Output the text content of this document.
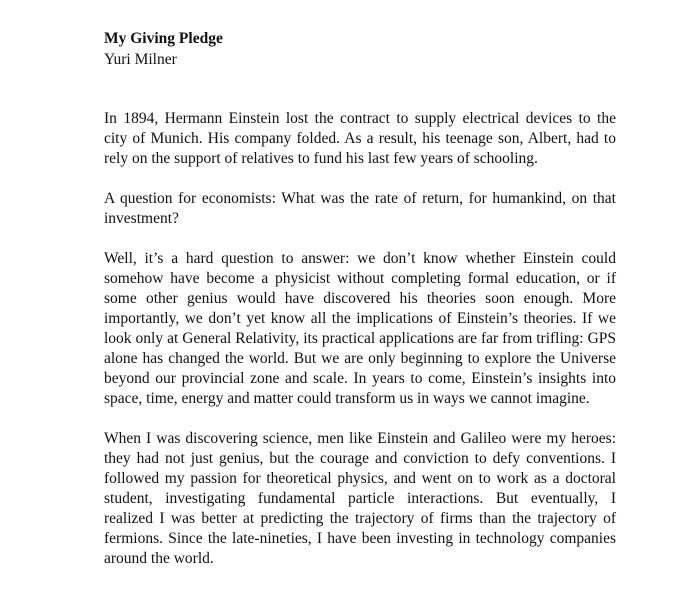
My Giving Pledge
Yuri Milner

In 1894, Hermann Einstein lost the contract to supply electrical devices to the
city of Munich. His company folded. As a result, his teenage son, Albert, had to
rely on the support of relatives to fund his last few years of schooling.

A question for economists: What was the rate of return, for humankind, on that
investment?

Well, it’s a hard question to answer: we don’t know whether Einstein could
somehow have become a physicist without completing formal education, or if
some other genius would have discovered his theories soon enough. More
importantly, we don’t yet know all the implications of Einstein’s theories. If we
look only at General Relativity, its practical applications are far from trifling: GPS
alone has changed the world. But we are only beginning to explore the Universe
beyond our provincial zone and scale. In years to come, Einstein’s insights into
space, time, energy and matter could transform us in ways we cannot imagine.

When I was discovering science, men like Einstein and Galileo were my heroes:
they had not just genius, but the courage and conviction to defy conventions. I
followed my passion for theoretical physics, and went on to work as a doctoral
student, investigating fundamental particle interactions. But eventually, I
realized I was better at predicting the trajectory of firms than the trajectory of
fermions. Since the late-nineties, I have been investing in technology companies
around the world.
